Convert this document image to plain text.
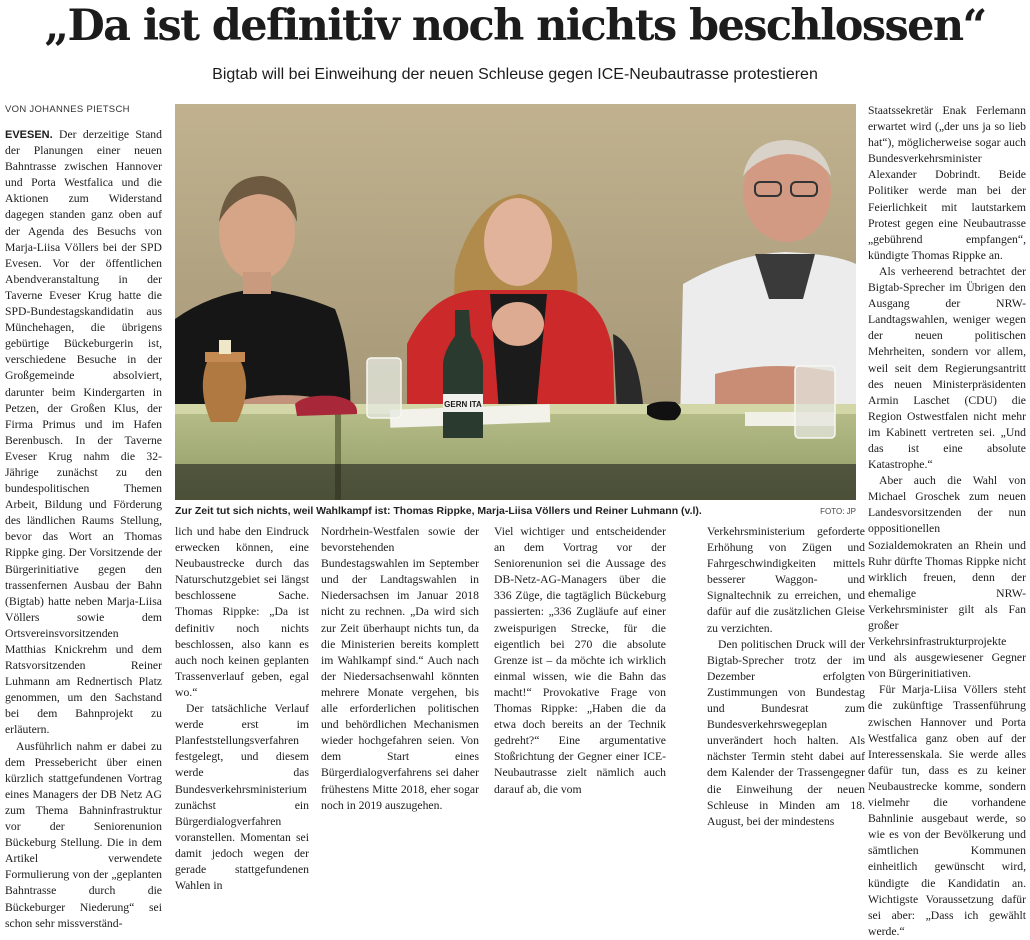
„Da ist definitiv noch nichts beschlossen“
Bigtab will bei Einweihung der neuen Schleuse gegen ICE-Neubautrasse protestieren
VON JOHANNES PIETSCH

EVESEN. Der derzeitige Stand der Planungen einer neuen Bahntrasse zwischen Hannover und Porta Westfalica und die Aktionen zum Widerstand dagegen standen ganz oben auf der Agenda des Besuchs von Marja-Liisa Völlers bei der SPD Evesen. Vor der öffentlichen Abendveranstaltung in der Taverne Eveser Krug hatte die SPD-Bundestagskandidatin aus Münchehagen, die übrigens gebürtige Bückeburgerin ist, verschiedene Besuche in der Großgemeinde absolviert, darunter beim Kindergarten in Petzen, der Großen Klus, der Firma Primus und im Hafen Berenbusch. In der Taverne Eveser Krug nahm die 32-Jährige zunächst zu den bundespolitischen Themen Arbeit, Bildung und Förderung des ländlichen Raums Stellung, bevor das Wort an Thomas Rippke ging. Der Vorsitzende der Bürgerinitiative gegen den trassenfernen Ausbau der Bahn (Bigtab) hatte neben Marja-Liisa Völlers sowie dem Ortsvereinsvorsitzenden Matthias Knickrehm und dem Ratsvorsitzenden Reiner Luhmann am Rednertisch Platz genommen, um den Sachstand bei dem Bahnprojekt zu erläutern.

Ausführlich nahm er dabei zu dem Pressebericht über einen kürzlich stattgefundenen Vortrag eines Managers der DB Netz AG zum Thema Bahninfrastruktur vor der Seniorenunion Bückeburg Stellung. Die in dem Artikel verwendete Formulierung von der „geplanten Bahntrasse durch die Bückeburger Niederung“ sei schon sehr missverständ-

GERN ITA
Zur Zeit tut sich nichts, weil Wahlkampf ist: Thomas Rippke, Marja-Liisa Völlers und Reiner Luhmann (v.l).	FOTO: JP

lich und habe den Eindruck erwecken können, eine Neubaustrecke durch das Naturschutzgebiet sei längst beschlossene Sache. Thomas Rippke: „Da ist definitiv noch nichts beschlossen, also kann es auch noch keinen geplanten Trassenverlauf geben, egal wo.“

Der tatsächliche Verlauf werde erst im Planfeststellungsverfahren festgelegt, und diesem werde das Bundesverkehrsministerium zunächst ein Bürgerdialogverfahren voranstellen. Momentan sei damit jedoch wegen der gerade stattgefundenen Wahlen in

Nordrhein-Westfalen sowie der bevorstehenden Bundestagswahlen im September und der Landtagswahlen in Niedersachsen im Januar 2018 nicht zu rechnen. „Da wird sich zur Zeit überhaupt nichts tun, da die Ministerien bereits komplett im Wahlkampf sind.“ Auch nach der Niedersachsenwahl könnten mehrere Monate vergehen, bis alle erforderlichen politischen und behördlichen Mechanismen wieder hochgefahren seien. Von dem Start eines Bürgerdialogverfahrens sei daher frühestens Mitte 2018, eher sogar noch in 2019 auszugehen.

Viel wichtiger und entscheidender an dem Vortrag vor der Seniorenunion sei die Aussage des DB-Netz-AG-Managers über die 336 Züge, die tagtäglich Bückeburg passierten: „336 Zugläufe auf einer zweispurigen Strecke, für die eigentlich bei 270 die absolute Grenze ist – da möchte ich wirklich einmal wissen, wie die Bahn das macht!“ Provokative Frage von Thomas Rippke: „Haben die da etwa doch bereits an der Technik gedreht?“ Eine argumentative Stoßrichtung der Gegner einer ICE-Neubautrasse zielt nämlich auch darauf ab, die vom

Verkehrsministerium geforderte Erhöhung von Zügen und Fahrgeschwindigkeiten mittels besserer Waggon- und Signaltechnik zu erreichen, und dafür auf die zusätzlichen Gleise zu verzichten.

Den politischen Druck will der Bigtab-Sprecher trotz der im Dezember erfolgten Zustimmungen von Bundestag und Bundesrat zum Bundesverkehrswegeplan unverändert hoch halten. Als nächster Termin steht dabei auf dem Kalender der Trassengegner die Einweihung der neuen Schleuse in Minden am 18. August, bei der mindestens

Staatssekretär Enak Ferlemann erwartet wird („der uns ja so lieb hat“), möglicherweise sogar auch Bundesverkehrsminister Alexander Dobrindt. Beide Politiker werde man bei der Feierlichkeit mit lautstarkem Protest gegen eine Neubautrasse „gebührend empfangen“, kündigte Thomas Rippke an.

Als verheerend betrachtet der Bigtab-Sprecher im Übrigen den Ausgang der NRW-Landtagswahlen, weniger wegen der neuen politischen Mehrheiten, sondern vor allem, weil seit dem Regierungsantritt des neuen Ministerpräsidenten Armin Laschet (CDU) die Region Ostwestfalen nicht mehr im Kabinett vertreten sei. „Und das ist eine absolute Katastrophe.“

Aber auch die Wahl von Michael Groschek zum neuen Landesvorsitzenden der nun oppositionellen Sozialdemokraten an Rhein und Ruhr dürfte Thomas Rippke nicht wirklich freuen, denn der ehemalige NRW-Verkehrsminister gilt als Fan großer Verkehrsinfrastrukturprojekte und als ausgewiesener Gegner von Bürgerinitiativen.

Für Marja-Liisa Völlers steht die zukünftige Trassenführung zwischen Hannover und Porta Westfalica ganz oben auf der Interessenskala. Sie werde alles dafür tun, dass es zu keiner Neubaustrecke komme, sondern vielmehr die vorhandene Bahnlinie ausgebaut werde, so wie es von der Bevölkerung und sämtlichen Kommunen einheitlich gewünscht wird, kündigte die Kandidatin an. Wichtigste Voraussetzung dafür sei aber: „Dass ich gewählt werde.“
